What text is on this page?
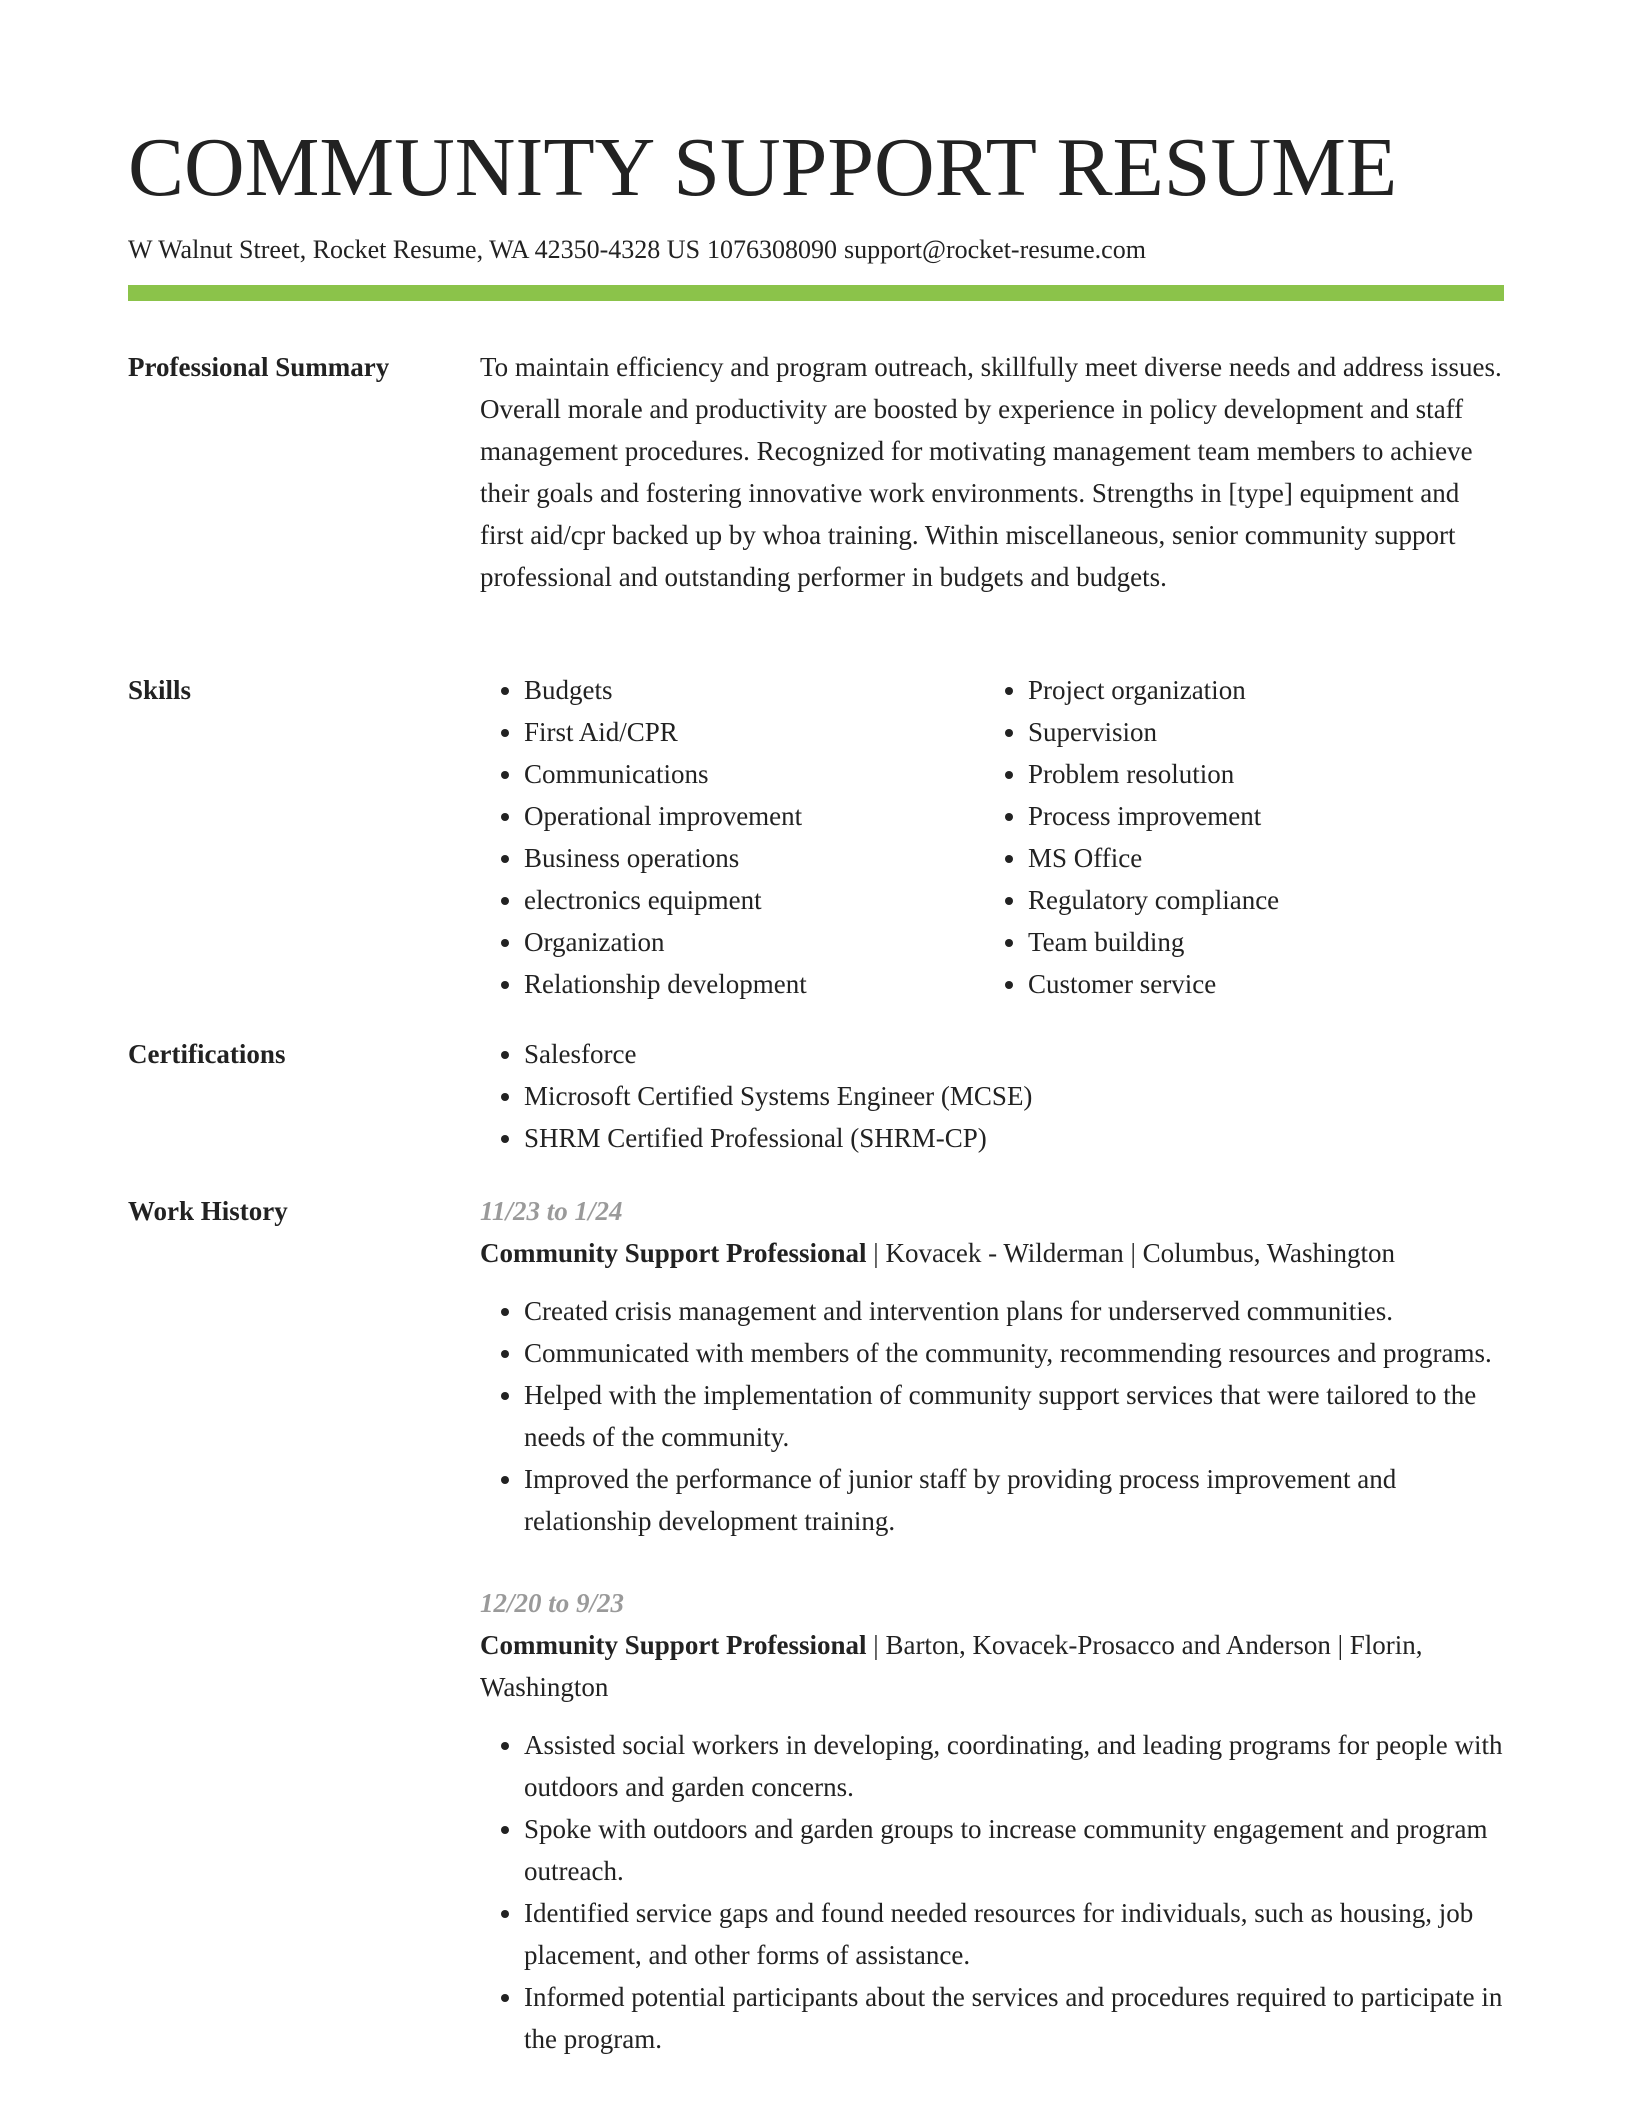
COMMUNITY SUPPORT RESUME
W Walnut Street, Rocket Resume, WA 42350-4328 US 1076308090 support@rocket-resume.com
Professional Summary	To maintain efficiency and program outreach, skillfully meet diverse needs and address issues. Overall morale and productivity are boosted by experience in policy development and staff management procedures. Recognized for motivating management team members to achieve their goals and fostering innovative work environments. Strengths in [type] equipment and first aid/cpr backed up by whoa training. Within miscellaneous, senior community support professional and outstanding performer in budgets and budgets.

Skills	• Budgets
• First Aid/CPR
• Communications
• Operational improvement
• Business operations
• electronics equipment
• Organization
• Relationship development
• Project organization
• Supervision
• Problem resolution
• Process improvement
• MS Office
• Regulatory compliance
• Team building
• Customer service
Certifications	• Salesforce
• Microsoft Certified Systems Engineer (MCSE)
• SHRM Certified Professional (SHRM-CP)
Work History	11/23 to 1/24

Community Support Professional | Kovacek - Wilderman | Columbus, Washington

• Created crisis management and intervention plans for underserved communities.
• Communicated with members of the community, recommending resources and programs.
• Helped with the implementation of community support services that were tailored to the needs of the community.
• Improved the performance of junior staff by providing process improvement and relationship development training.

12/20 to 9/23

Community Support Professional | Barton, Kovacek-Prosacco and Anderson | Florin, Washington

• Assisted social workers in developing, coordinating, and leading programs for people with outdoors and garden concerns.
• Spoke with outdoors and garden groups to increase community engagement and program outreach.
• Identified service gaps and found needed resources for individuals, such as housing, job placement, and other forms of assistance.
• Informed potential participants about the services and procedures required to participate in the program.
